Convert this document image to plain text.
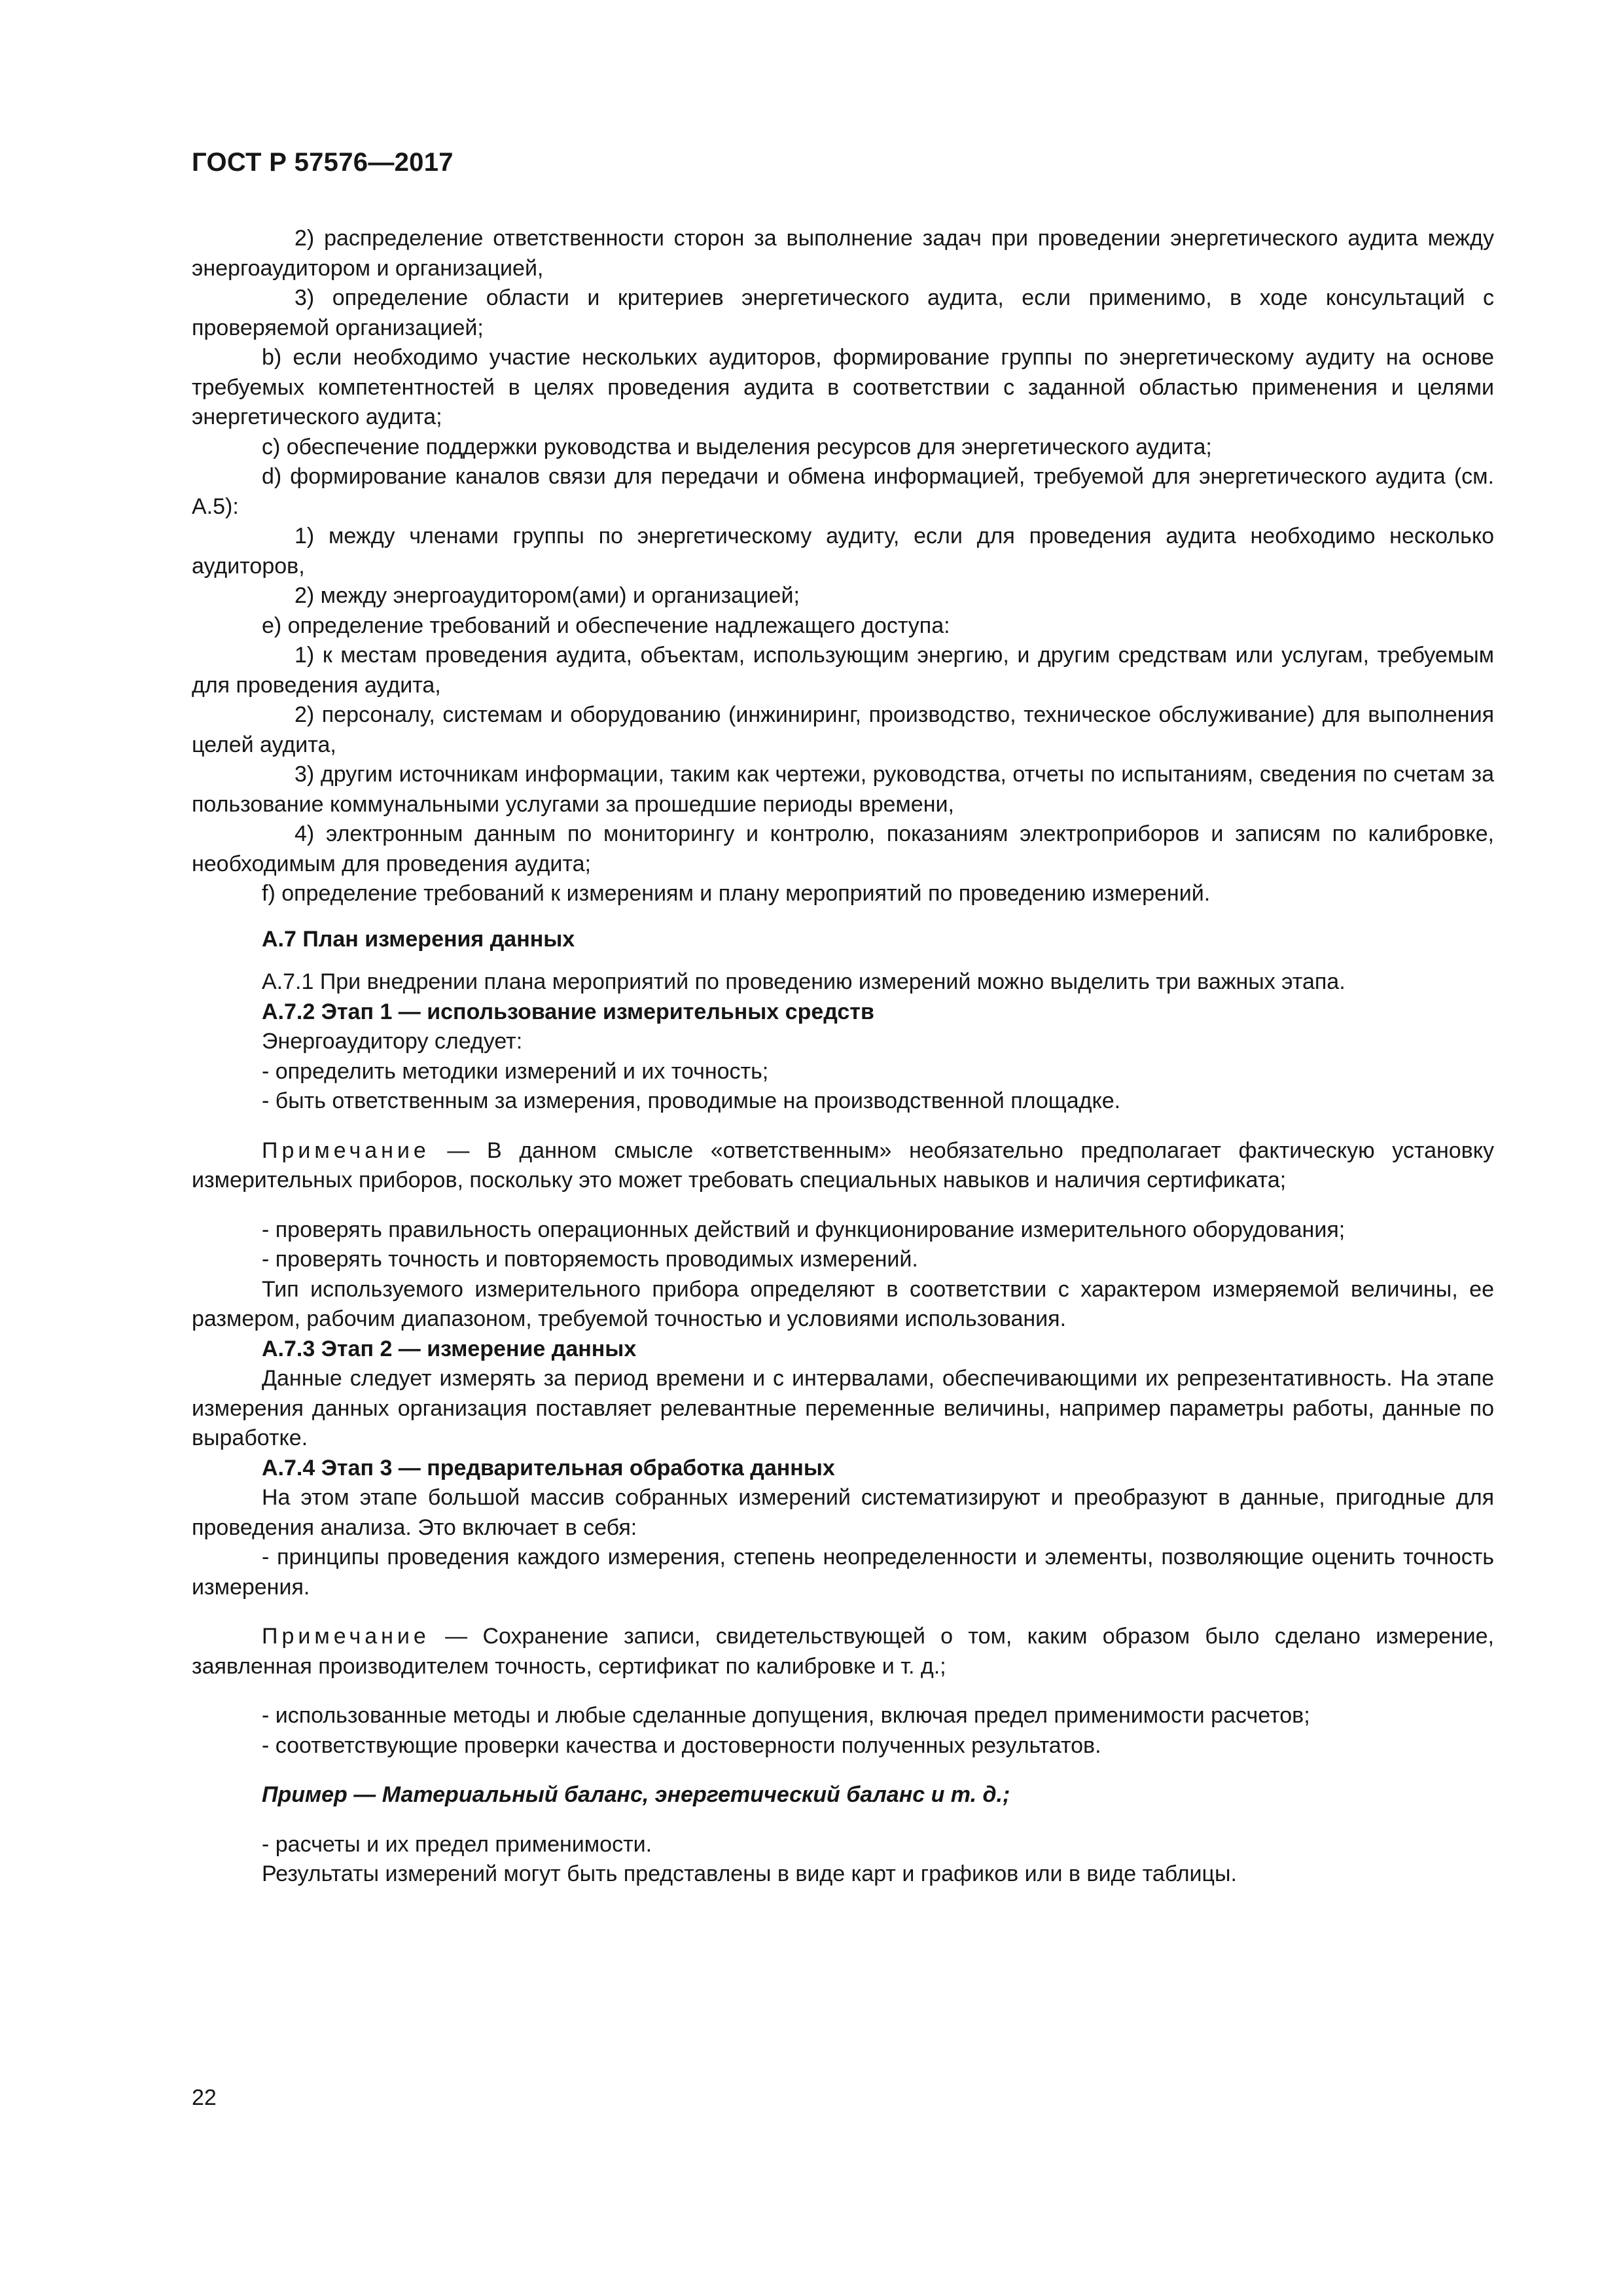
ГОСТ Р 57576—2017

2) распределение ответственности сторон за выполнение задач при проведении энергетического аудита между энергоаудитором и организацией,

3) определение области и критериев энергетического аудита, если применимо, в ходе консультаций с проверяемой организацией;

b) если необходимо участие нескольких аудиторов, формирование группы по энергетическому аудиту на основе требуемых компетентностей в целях проведения аудита в соответствии с заданной областью применения и целями энергетического аудита;

c) обеспечение поддержки руководства и выделения ресурсов для энергетического аудита;

d) формирование каналов связи для передачи и обмена информацией, требуемой для энергетического аудита (см. А.5):

1) между членами группы по энергетическому аудиту, если для проведения аудита необходимо несколько аудиторов,

2) между энергоаудитором(ами) и организацией;

e) определение требований и обеспечение надлежащего доступа:

1) к местам проведения аудита, объектам, использующим энергию, и другим средствам или услугам, требуемым для проведения аудита,

2) персоналу, системам и оборудованию (инжиниринг, производство, техническое обслуживание) для выполнения целей аудита,

3) другим источникам информации, таким как чертежи, руководства, отчеты по испытаниям, сведения по счетам за пользование коммунальными услугами за прошедшие периоды времени,

4) электронным данным по мониторингу и контролю, показаниям электроприборов и записям по калибровке, необходимым для проведения аудита;

f) определение требований к измерениям и плану мероприятий по проведению измерений.

А.7 План измерения данных

А.7.1 При внедрении плана мероприятий по проведению измерений можно выделить три важных этапа.

А.7.2 Этап 1 — использование измерительных средств

Энергоаудитору следует:

- определить методики измерений и их точность;

- быть ответственным за измерения, проводимые на производственной площадке.

Примечание — В данном смысле «ответственным» необязательно предполагает фактическую установку измерительных приборов, поскольку это может требовать специальных навыков и наличия сертификата;

- проверять правильность операционных действий и функционирование измерительного оборудования;

- проверять точность и повторяемость проводимых измерений.

Тип используемого измерительного прибора определяют в соответствии с характером измеряемой величины, ее размером, рабочим диапазоном, требуемой точностью и условиями использования.

А.7.3 Этап 2 — измерение данных

Данные следует измерять за период времени и с интервалами, обеспечивающими их репрезентативность. На этапе измерения данных организация поставляет релевантные переменные величины, например параметры работы, данные по выработке.

А.7.4 Этап 3 — предварительная обработка данных

На этом этапе большой массив собранных измерений систематизируют и преобразуют в данные, пригодные для проведения анализа. Это включает в себя:

- принципы проведения каждого измерения, степень неопределенности и элементы, позволяющие оценить точность измерения.

Примечание — Сохранение записи, свидетельствующей о том, каким образом было сделано измерение, заявленная производителем точность, сертификат по калибровке и т. д.;

- использованные методы и любые сделанные допущения, включая предел применимости расчетов;

- соответствующие проверки качества и достоверности полученных результатов.

Пример — Материальный баланс, энергетический баланс и т. д.;

- расчеты и их предел применимости.

Результаты измерений могут быть представлены в виде карт и графиков или в виде таблицы.

22
